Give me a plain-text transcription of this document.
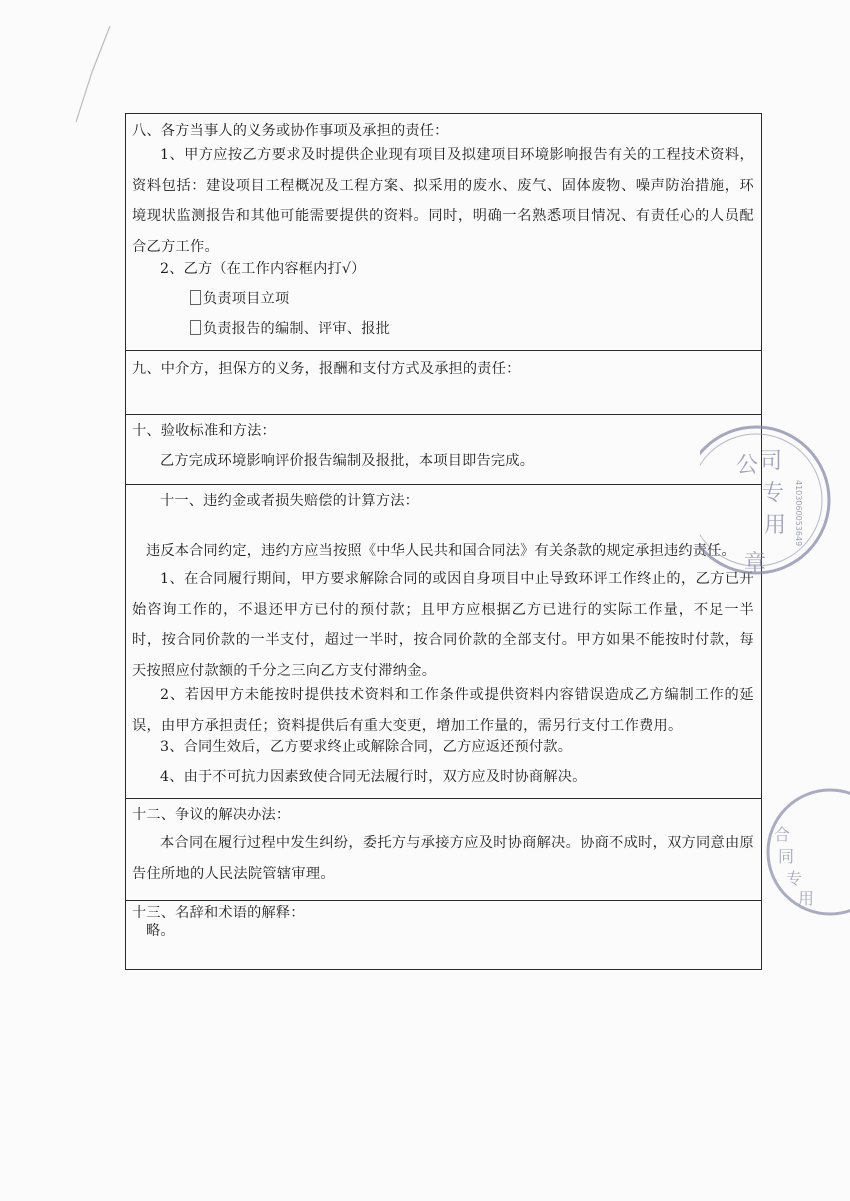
八、各方当事人的义务或协作事项及承担的责任：
1、甲方应按乙方要求及时提供企业现有项目及拟建项目环境影响报告有关的工程技术资料，资料包括：建设项目工程概况及工程方案、拟采用的废水、废气、固体废物、噪声防治措施，环境现状监测报告和其他可能需要提供的资料。同时，明确一名熟悉项目情况、有责任心的人员配合乙方工作。
2、乙方（在工作内容框内打√）
负责项目立项
负责报告的编制、评审、报批
九、中介方，担保方的义务，报酬和支付方式及承担的责任：
十、验收标准和方法：
乙方完成环境影响评价报告编制及报批，本项目即告完成。
十一、违约金或者损失赔偿的计算方法：
违反本合同约定，违约方应当按照《中华人民共和国合同法》有关条款的规定承担违约责任。
1、在合同履行期间，甲方要求解除合同的或因自身项目中止导致环评工作终止的，乙方已开始咨询工作的，不退还甲方已付的预付款；且甲方应根据乙方已进行的实际工作量，不足一半时，按合同价款的一半支付，超过一半时，按合同价款的全部支付。甲方如果不能按时付款，每天按照应付款额的千分之三向乙方支付滞纳金。
2、若因甲方未能按时提供技术资料和工作条件或提供资料内容错误造成乙方编制工作的延误，由甲方承担责任；资料提供后有重大变更，增加工作量的，需另行支付工作费用。
3、合同生效后，乙方要求终止或解除合同，乙方应返还预付款。
4、由于不可抗力因素致使合同无法履行时，双方应及时协商解决。
十二、争议的解决办法：
本合同在履行过程中发生纠纷，委托方与承接方应及时协商解决。协商不成时，双方同意由原告住所地的人民法院管辖审理。
十三、名辞和术语的解释：
略。
公 司
专
用
章
4103060053649
合
同
专
用
